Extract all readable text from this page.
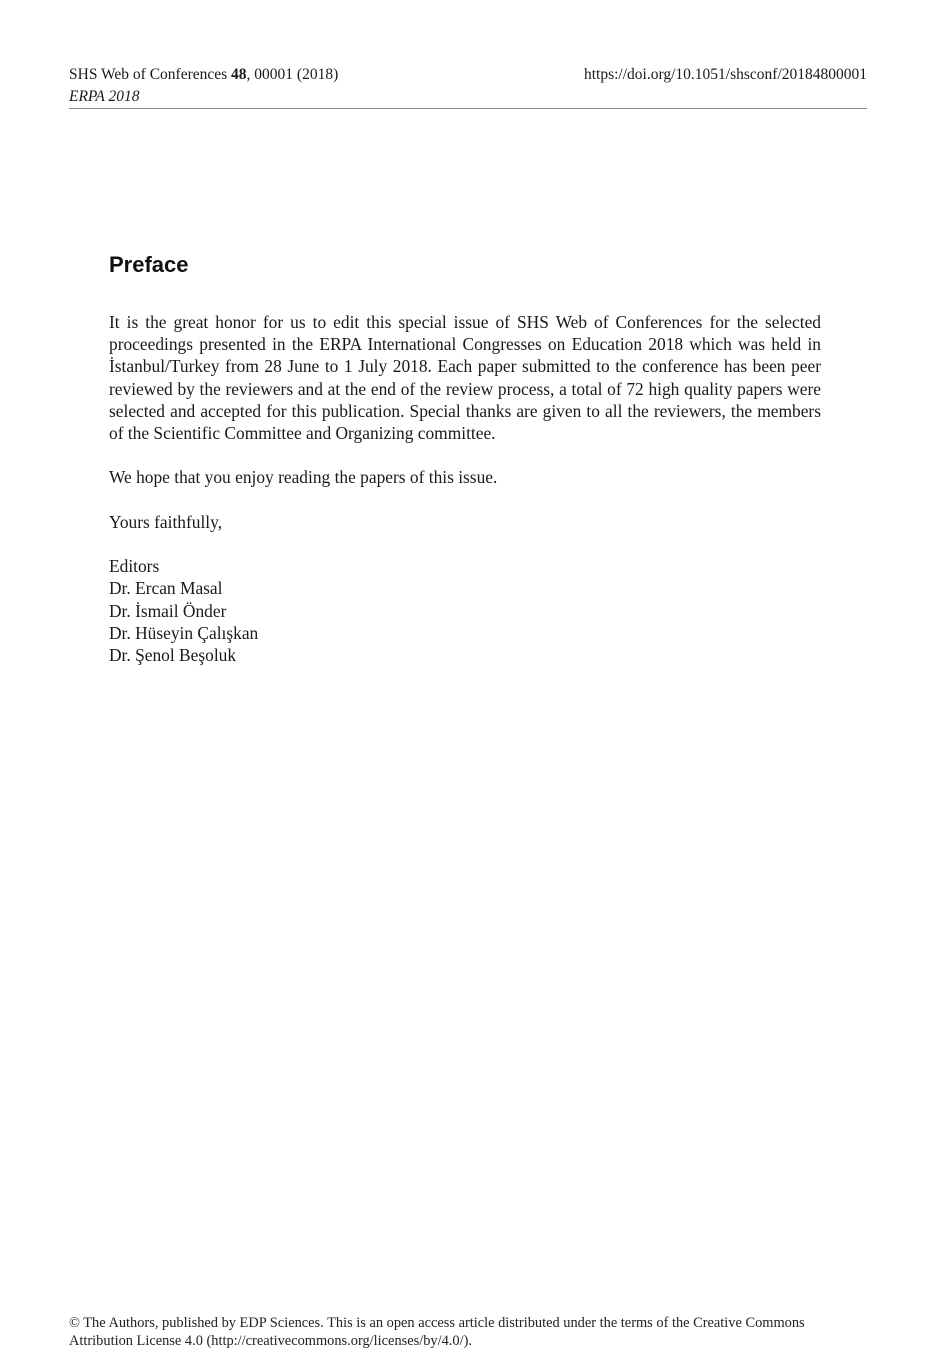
SHS Web of Conferences 48, 00001 (2018)
ERPA 2018
https://doi.org/10.1051/shsconf/20184800001
Preface

It is the great honor for us to edit this special issue of SHS Web of Conferences for the selected proceedings presented in the ERPA International Congresses on Education 2018 which was held in İstanbul/Turkey from 28 June to 1 July 2018. Each paper submitted to the conference has been peer reviewed by the reviewers and at the end of the review process, a total of 72 high quality papers were selected and accepted for this publication. Special thanks are given to all the reviewers, the members of the Scientific Committee and Organizing committee.

We hope that you enjoy reading the papers of this issue.

Yours faithfully,

Editors
Dr. Ercan Masal
Dr. İsmail Önder
Dr. Hüseyin Çalışkan
Dr. Şenol Beşoluk
© The Authors, published by EDP Sciences. This is an open access article distributed under the terms of the Creative Commons Attribution License 4.0 (http://creativecommons.org/licenses/by/4.0/).
